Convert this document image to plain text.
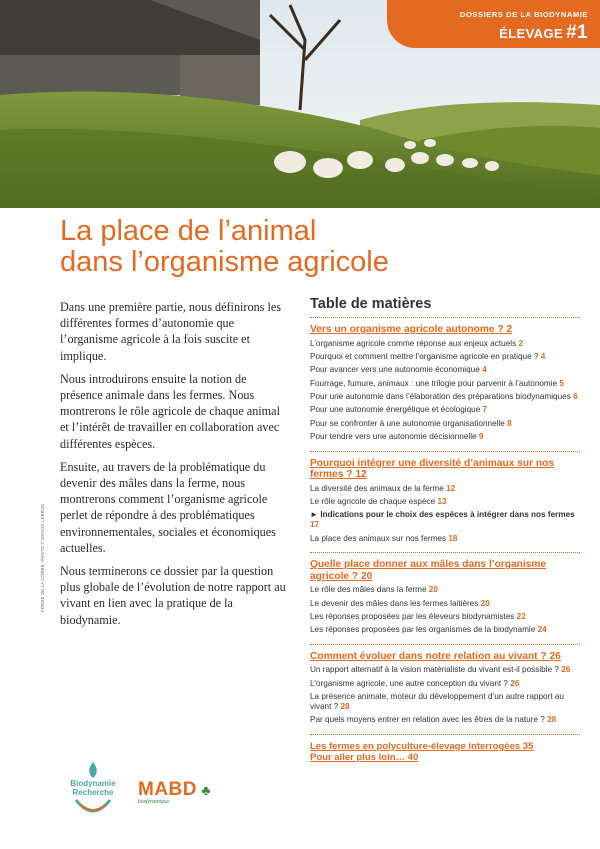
DOSSIERS DE LA BIODYNAMIE
ÉLEVAGE #1
La place de l’animal
dans l’organisme agricole

Dans une première partie, nous définirons les différentes formes d’autonomie que l’organisme agricole à la fois suscite et implique.

Nous introduirons ensuite la notion de présence animale dans les fermes. Nous montrerons le rôle agricole de chaque animal et l’intérêt de travailler en collaboration avec différentes espèces.

Ensuite, au travers de la problématique du devenir des mâles dans la ferme, nous montrerons comment l’organisme agricole perlet de répondre à des problématiques environnementales, sociales et économiques actuelles.

Nous terminerons ce dossier par la question plus globale de l’évolution de notre rapport au vivant en lien avec la pratique de la biodynamie.

FERME DE LA COMBE, PHOTO © MANON LEBRUN
Table de matières
Vers un organisme agricole autonome ? 2
L’organisme agricole comme réponse aux enjeux actuels 2
Pourquoi et comment mettre l’organisme agricole en pratique ? 4
Pour avancer vers une autonomie économique 4
Fourrage, fumure, animaux : une trilogie pour parvenir à l’autonomie 5
Pour une autonomie dans l’élaboration des préparations biodynamiques 6
Pour une autonomie énergétique et écologique 7
Pour se confronter à une autonomie organisationnelle 8
Pour tendre vers une autonomie décisionnelle 9
Pourquoi intégrer une diversité d’animaux sur nos fermes ? 12
La diversité des animaux de la ferme 12
Le rôle agricole de chaque espèce 13
► Indications pour le choix des espèces à intégrer dans nos fermes 17
La place des animaux sur nos fermes 18
Quelle place donner aux mâles dans l’organisme agricole ? 20
Le rôle des mâles dans la ferme 20
Le devenir des mâles dans les fermes laitières 20
Les réponses proposées par les éleveurs biodynamistes 22
Les réponses proposées par les organismes de la biodynamie 24
Comment évoluer dans notre relation au vivant ? 26
Un rapport alternatif à la vision matérialiste du vivant est-il possible ? 26
L’organisme agricole, une autre conception du vivant ? 26
La présence animale, moteur du développement d’un autre rapport au vivant ? 28
Par quels moyens entrer en relation avec les êtres de la nature ? 28
Les fermes en polyculture-élevage interrogées 35
Pour aller plus loin… 40
Biodynamie
Recherche	MABD ♣
biodynamique
